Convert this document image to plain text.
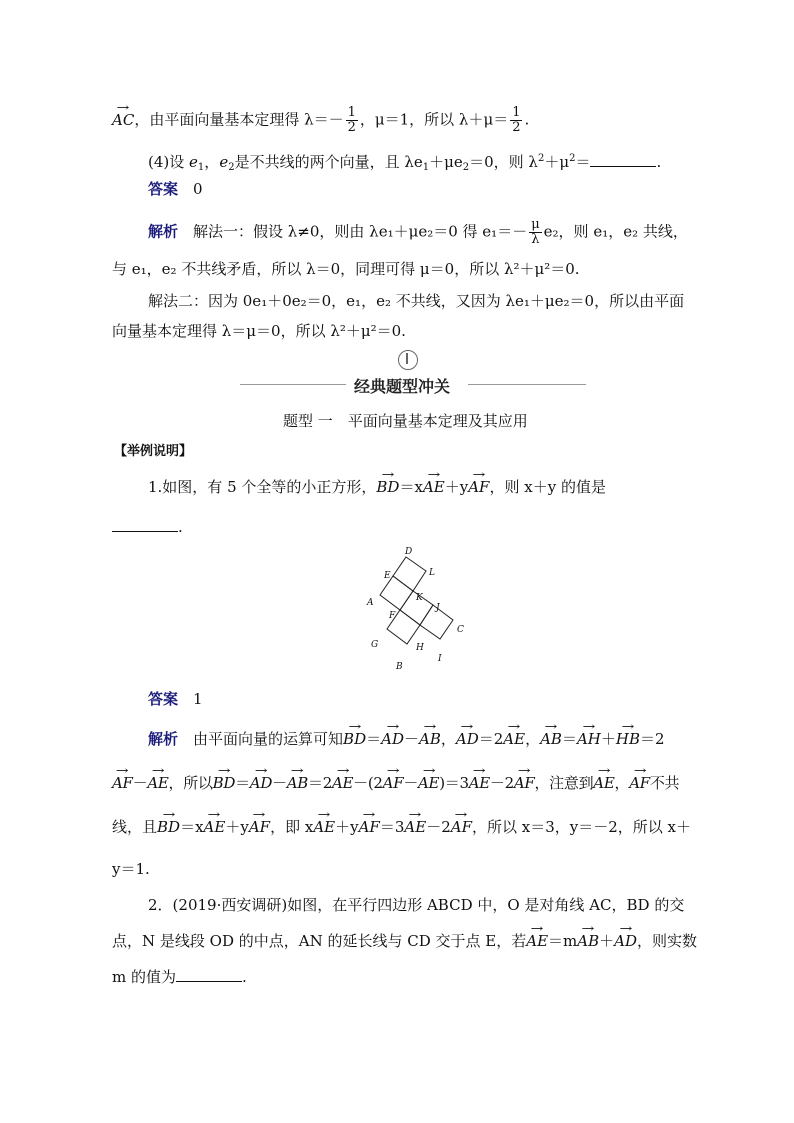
→ AC，由平面向量基本定理得 $\lambda=- \frac{1}{2}$ ，μ＝1，所以 $\lambda+\mu= \frac{1}{2}$ .
(4)设 $e_1$，$e_2$是不共线的两个向量，且 $\lambda e_1+\mu e_2=0$，则 $\lambda^2+\mu^2=$	.
答案　 0
解析　 解法一：假设 λ≠0，则由 λe₁＋μe₂＝0 得 $e_1=- \frac{\mu}{\lambda} e_2$，则 e₁，e₂ 共线，
与 e₁，e₂ 不共线矛盾，所以 λ＝0，同理可得 μ＝0，所以 λ²＋μ²＝0.
解法二：因为 0e₁＋0e₂＝0，e₁，e₂ 不共线，又因为 λe₁＋μe₂＝0，所以由平面
向量基本定理得 λ＝μ＝0，所以 λ²＋μ²＝0.
经典题型冲关
题型 一　平面向量基本定理及其应用
【举例说明】
1.如图，有 5 个全等的小正方形，→ BD＝x→ AE＋y→ AF，则 x＋y 的值是
.
D
L
E
A	K
J
C
F
G	H
I
B
答案　 1
解析　 由平面向量的运算可知→ BD＝→ AD－→ AB，→ AD＝2→ AE，→ AB＝→ AH＋→ HB＝2
→ AF－→ AE，所以→ BD＝→ AD－→ AB＝2→ AE－(2→ AF－→ AE)＝3→ AE－2→ AF，注意到→ AE，→ AF不共
线，且→ BD＝x→ AE＋y→ AF，即 x→ AE＋y→ AF＝3→ AE－2→ AF，所以 x＝3，y＝－2，所以 x＋
y＝1.
2．(2019·西安调研)如图，在平行四边形 ABCD 中，O 是对角线 AC，BD 的交
点，N 是线段 OD 的中点，AN 的延长线与 CD 交于点 E，若→ AE＝m→ AB＋→ AD，则实数
m 的值为	.
